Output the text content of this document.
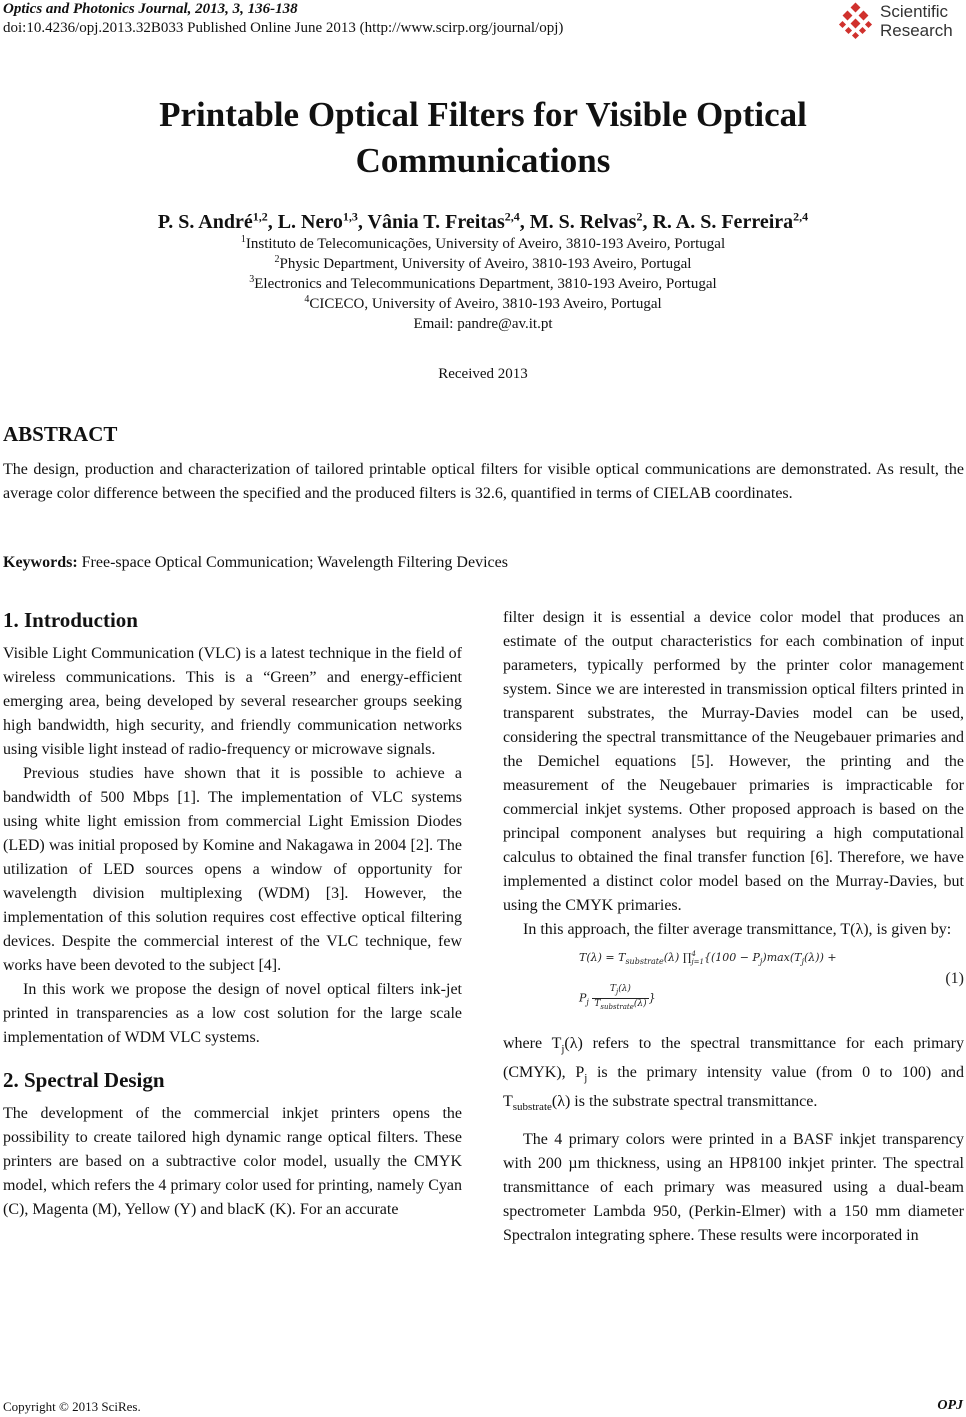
Optics and Photonics Journal, 2013, 3, 136-138
doi:10.4236/opj.2013.32B033 Published Online June 2013 (http://www.scirp.org/journal/opj)
Scientific
Research
Printable Optical Filters for Visible Optical
Communications
P. S. André$^{1,2}$, L. Nero$^{1,3}$, Vânia T. Freitas$^{2,4}$, M. S. Relvas$^2$, R. A. S. Ferreira$^{2,4}$
$^1$Instituto de Telecomunicações, University of Aveiro, 3810-193 Aveiro, Portugal
$^2$Physic Department, University of Aveiro, 3810-193 Aveiro, Portugal
$^3$Electronics and Telecommunications Department, 3810-193 Aveiro, Portugal
$^4$CICECO, University of Aveiro, 3810-193 Aveiro, Portugal
Email: pandre@av.it.pt
Received 2013
ABSTRACT

The design, production and characterization of tailored printable optical filters for visible optical communications are demonstrated. As result, the average color difference between the specified and the produced filters is 32.6, quantified in terms of CIELAB coordinates.

Keywords: Free-space Optical Communication; Wavelength Filtering Devices

1. Introduction

Visible Light Communication (VLC) is a latest technique in the field of wireless communications. This is a “Green” and energy-efficient emerging area, being developed by several researcher groups seeking high bandwidth, high security, and friendly communication networks using visible light instead of radio-frequency or microwave signals.

Previous studies have shown that it is possible to achieve a bandwidth of 500 Mbps [1]. The implementation of VLC systems using white light emission from commercial Light Emission Diodes (LED) was initial proposed by Komine and Nakagawa in 2004 [2]. The utilization of LED sources opens a window of opportunity for wavelength division multiplexing (WDM) [3]. However, the implementation of this solution requires cost effective optical filtering devices. Despite the commercial interest of the VLC technique, few works have been devoted to the subject [4].

In this work we propose the design of novel optical filters ink-jet printed in transparencies as a low cost solution for the large scale implementation of WDM VLC systems.

2. Spectral Design

The development of the commercial inkjet printers opens the possibility to create tailored high dynamic range optical filters. These printers are based on a subtractive color model, usually the CMYK model, which refers the 4 primary color used for printing, namely Cyan (C), Magenta (M), Yellow (Y) and blacK (K). For an accurate

filter design it is essential a device color model that produces an estimate of the output characteristics for each combination of input parameters, typically performed by the printer color management system. Since we are interested in transmission optical filters printed in transparent substrates, the Murray-Davies model can be used, considering the spectral transmittance of the Neugebauer primaries and the Demichel equations [5]. However, the printing and the measurement of the Neugebauer primaries is impracticable for commercial inkjet systems. Other proposed approach is based on the principal component analyses but requiring a high computational calculus to obtained the final transfer function [6]. Therefore, we have implemented a distinct color model based on the Murray-Davies, but using the CMYK primaries.

In this approach, the filter average transmittance, T(λ), is given by:

$T(\lambda) = T_{substrate}(\lambda)$ ∏ 4
j=1 {$(100 - P_j)\max(T_j(\lambda))$ +
$P_j \frac{T_j(\lambda)}{T_{substrate}(\lambda)}$ }
(1)

where $T_j(\lambda)$ refers to the spectral transmittance for each primary (CMYK), $P_j$ is the primary intensity value (from 0 to 100) and $T_{substrate}(\lambda)$ is the substrate spectral transmittance.

The 4 primary colors were printed in a BASF inkjet transparency with 200 µm thickness, using an HP8100 inkjet printer. The spectral transmittance of each primary was measured using a dual-beam spectrometer Lambda 950, (Perkin-Elmer) with a 150 mm diameter Spectralon integrating sphere. These results were incorporated in

Copyright © 2013 SciRes.	OPJ
